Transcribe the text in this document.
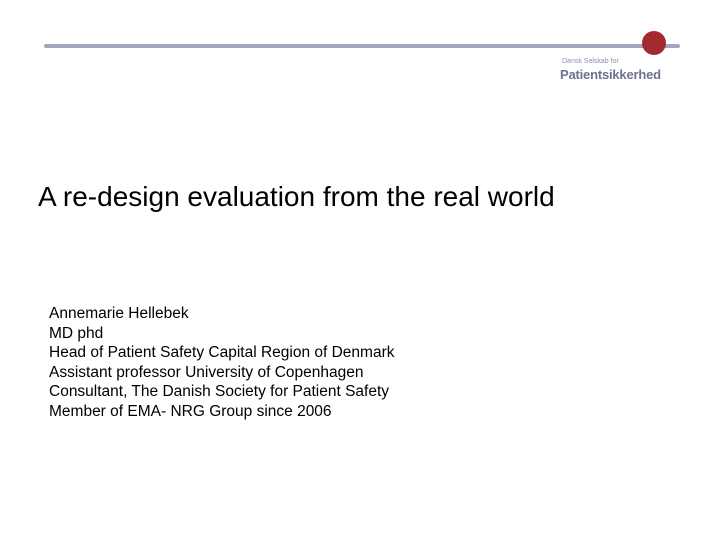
Dansk Selskab for
Patientsikkerhed
A re-design evaluation from the real world
Annemarie Hellebek
MD phd
Head of Patient Safety Capital Region of Denmark
Assistant professor University of Copenhagen
Consultant, The Danish Society for Patient Safety
Member of EMA- NRG Group since 2006
